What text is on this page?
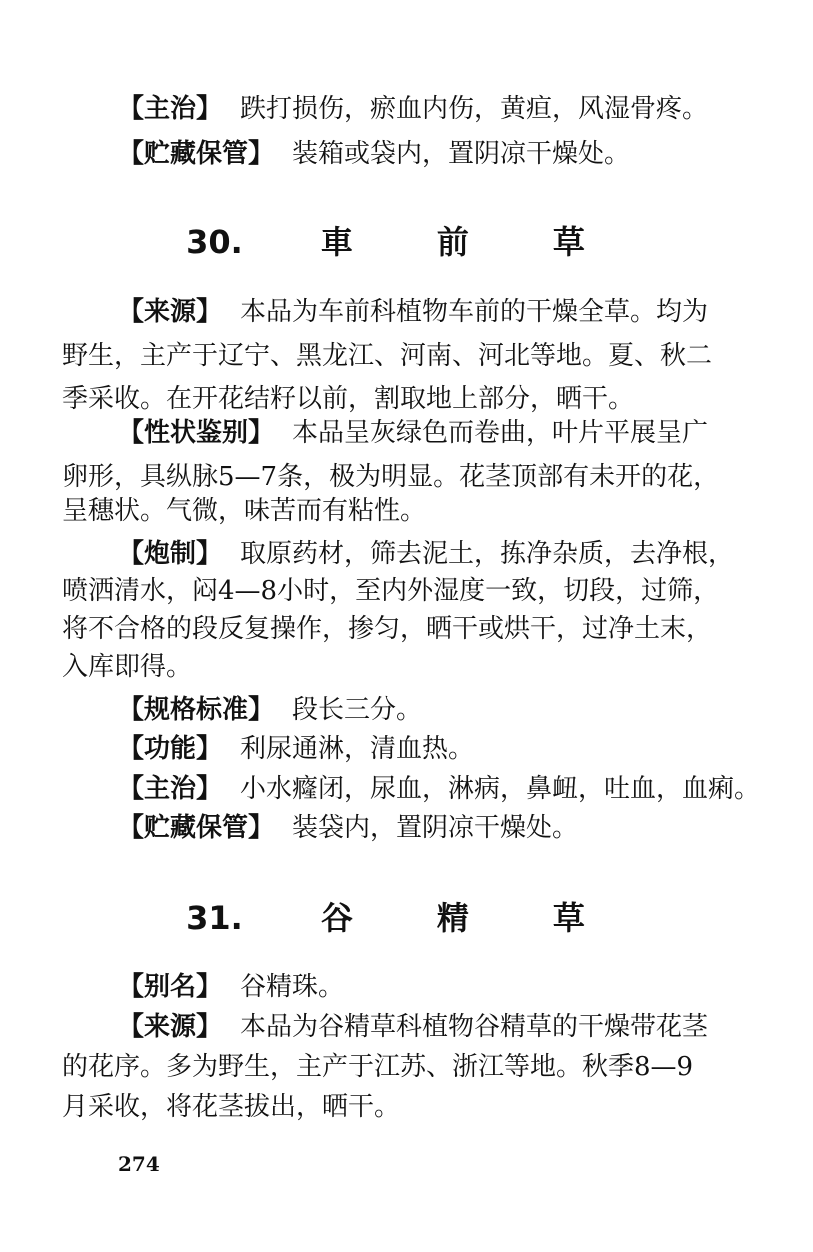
【主治】 跌打损伤，瘀血内伤，黄疸，风湿骨疼。
【贮藏保管】 装箱或袋内，置阴凉干燥处。
30. 車	前	草
【来源】 本品为车前科植物车前的干燥全草。均为
野生，主产于辽宁、黑龙江、河南、河北等地。夏、秋二
季采收。在开花结籽以前，割取地上部分，晒干。
【性状鉴别】 本品呈灰绿色而卷曲，叶片平展呈广
卵形，具纵脉5—7条，极为明显。花茎顶部有未开的花，
呈穗状。气微，味苦而有粘性。
【炮制】 取原药材，筛去泥土，拣净杂质，去净根，
喷洒清水，闷4—8小时，至内外湿度一致，切段，过筛，
将不合格的段反复操作，掺匀，晒干或烘干，过净土末，
入库即得。
【规格标准】 段长三分。
【功能】 利尿通淋，清血热。
【主治】 小水癃闭，尿血，淋病，鼻衄，吐血，血痢。
【贮藏保管】 装袋内，置阴凉干燥处。
31. 谷	精	草
【别名】 谷精珠。
【来源】 本品为谷精草科植物谷精草的干燥带花茎
的花序。多为野生，主产于江苏、浙江等地。秋季8—9
月采收，将花茎拔出，晒干。
274
